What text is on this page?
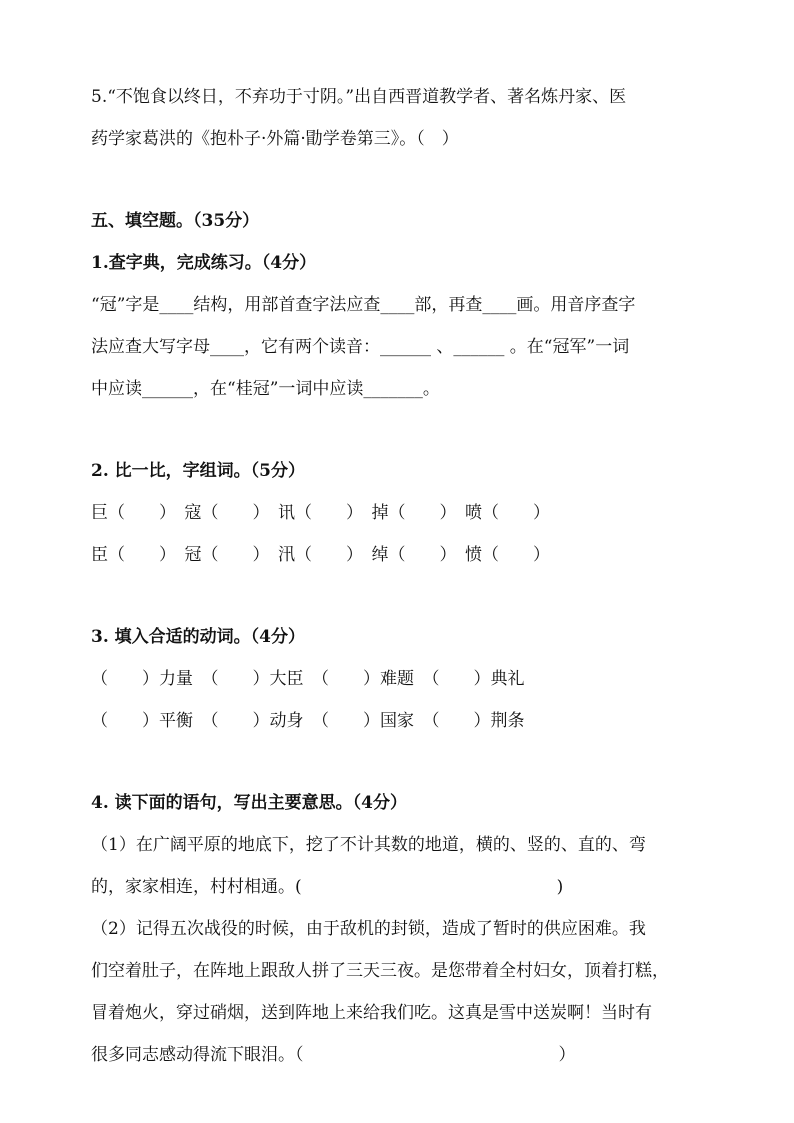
5.“不饱食以终日，不弃功于寸阴。”出自西晋道教学者、著名炼丹家、医
药学家葛洪的《抱朴子·外篇·勖学卷第三》。（　）
五、填空题。（35分）
1.查字典，完成练习。（4分）
“冠”字是____结构，用部首查字法应查____部，再查____画。用音序查字
法应查大写字母____，它有两个读音：______ 、______ 。在“冠军”一词
中应读______，在“桂冠”一词中应读_______。
2. 比一比，字组词。（5分）
巨（　　）　寇（　　）　讯（　　）　掉（　　）　喷（　　）
臣（　　）　冠（　　）　汛（　　）　绰（　　）　愤（　　）
3. 填入合适的动词。（4分）
（　　）力量　（　　）大臣　（　　）难题　（　　）典礼
（　　）平衡　（　　）动身　（　　）国家　（　　）荆条
4. 读下面的语句，写出主要意思。（4分）
（1）在广阔平原的地底下，挖了不计其数的地道，横的、竖的、直的、弯
的，家家相连，村村相通。(　　　　　　　　　　　　　　　)
（2）记得五次战役的时候，由于敌机的封锁，造成了暂时的供应困难。我
们空着肚子，在阵地上跟敌人拼了三天三夜。是您带着全村妇女，顶着打糕，
冒着炮火，穿过硝烟，送到阵地上来给我们吃。这真是雪中送炭啊！当时有
很多同志感动得流下眼泪。（　　　　　　　　　　　　　　　）
